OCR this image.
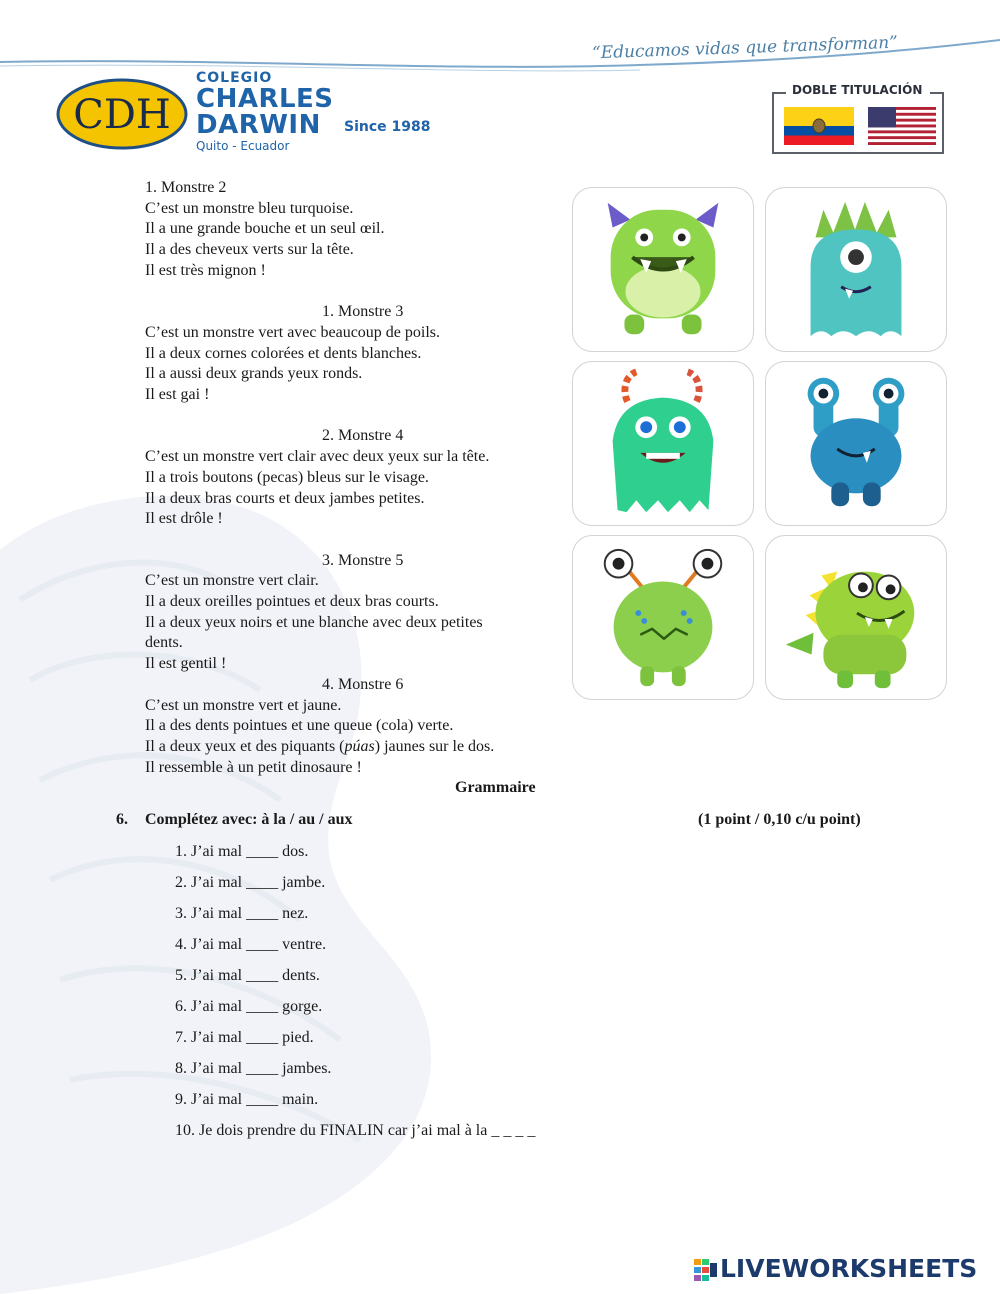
“Educamos vidas que transforman”
CDH
COLEGIO
CHARLES
DARWIN
Quito - Ecuador
Since 1988
DOBLE TITULACIÓN

1. Monstre 2

C’est un monstre bleu turquoise.

Il a une grande bouche et un seul œil.

Il a des cheveux verts sur la tête.

Il est très mignon !

1. Monstre 3

C’est un monstre vert avec beaucoup de poils.

Il a deux cornes colorées et dents blanches.

Il a aussi deux grands yeux ronds.

Il est gai !

2. Monstre 4

C’est un monstre vert clair avec deux yeux sur la tête.

Il a trois boutons (pecas) bleus sur le visage.

Il a deux bras courts et deux jambes petites.

Il est drôle !

3. Monstre 5

C’est un monstre vert clair.

Il a deux oreilles pointues et deux bras courts.

Il a deux yeux noirs et une blanche avec deux petites

dents.

Il est gentil !

4. Monstre 6

C’est un monstre vert et jaune.

Il a des dents pointues et une queue (cola) verte.

Il a deux yeux et des piquants (púas) jaunes sur le dos.

Il ressemble à un petit dinosaure !

Grammaire
6. Complétez avec: à la / au / aux	(1 point / 0,10 c/u point)
1. J’ai mal ____ dos.
2. J’ai mal ____ jambe.
3. J’ai mal ____ nez.
4. J’ai mal ____ ventre.
5. J’ai mal ____ dents.
6. J’ai mal ____ gorge.
7. J’ai mal ____ pied.
8. J’ai mal ____ jambes.
9. J’ai mal ____ main.
10. Je dois prendre du FINALIN car j’ai mal à la _ _ _ _
LIVEWORKSHEETS
